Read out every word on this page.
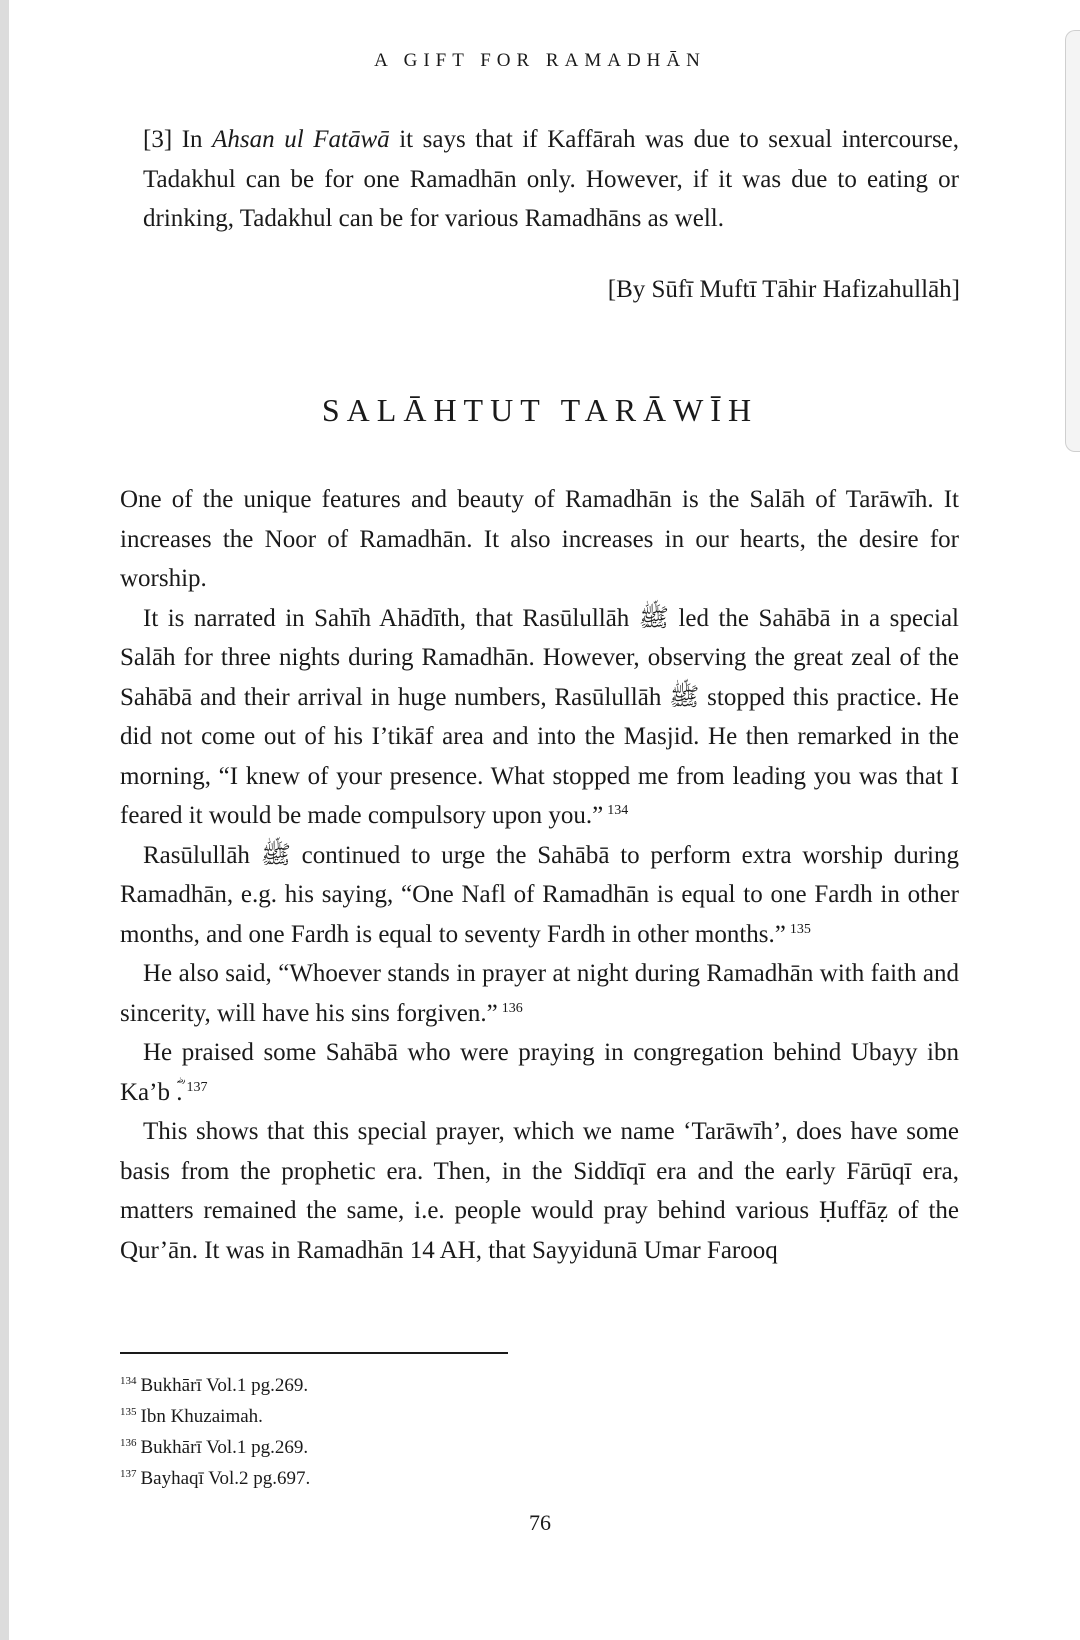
A GIFT FOR RAMADHĀN
[3] In Ahsan ul Fatāwā it says that if Kaffārah was due to sexual intercourse, Tadakhul can be for one Ramadhān only. However, if it was due to eating or drinking, Tadakhul can be for various Ramadhāns as well.
[By Sūfī Muftī Tāhir Hafizahullāh]
SALĀHTUT TARĀWĪH

One of the unique features and beauty of Ramadhān is the Salāh of Tarāwīh. It increases the Noor of Ramadhān. It also increases in our hearts, the desire for worship.

It is narrated in Sahīh Ahādīth, that Rasūlullāh ﷺ led the Sahābā in a special Salāh for three nights during Ramadhān. However, observing the great zeal of the Sahābā and their arrival in huge numbers, Rasūlullāh ﷺ stopped this practice. He did not come out of his I’tikāf area and into the Masjid. He then remarked in the morning, “I knew of your presence. What stopped me from leading you was that I feared it would be made compulsory upon you.” $^{134}$

Rasūlullāh ﷺ continued to urge the Sahābā to perform extra worship during Ramadhān, e.g. his saying, “One Nafl of Ramadhān is equal to one Fardh in other months, and one Fardh is equal to seventy Fardh in other months.” $^{135}$

He also said, “Whoever stands in prayer at night during Ramadhān with faith and sincerity, will have his sins forgiven.” $^{136}$

He praised some Sahābā who were praying in congregation behind Ubayy ibn Ka’b ؓ. $^{137}$

This shows that this special prayer, which we name ‘Tarāwīh’, does have some basis from the prophetic era. Then, in the Siddīqī era and the early Fārūqī era, matters remained the same, i.e. people would pray behind various Ḥuffāẓ of the Qur’ān. It was in Ramadhān 14 AH, that Sayyidunā Umar Farooq

$^{134}$ Bukhārī Vol.1 pg.269.
$^{135}$ Ibn Khuzaimah.
$^{136}$ Bukhārī Vol.1 pg.269.
$^{137}$ Bayhaqī Vol.2 pg.697.
76
